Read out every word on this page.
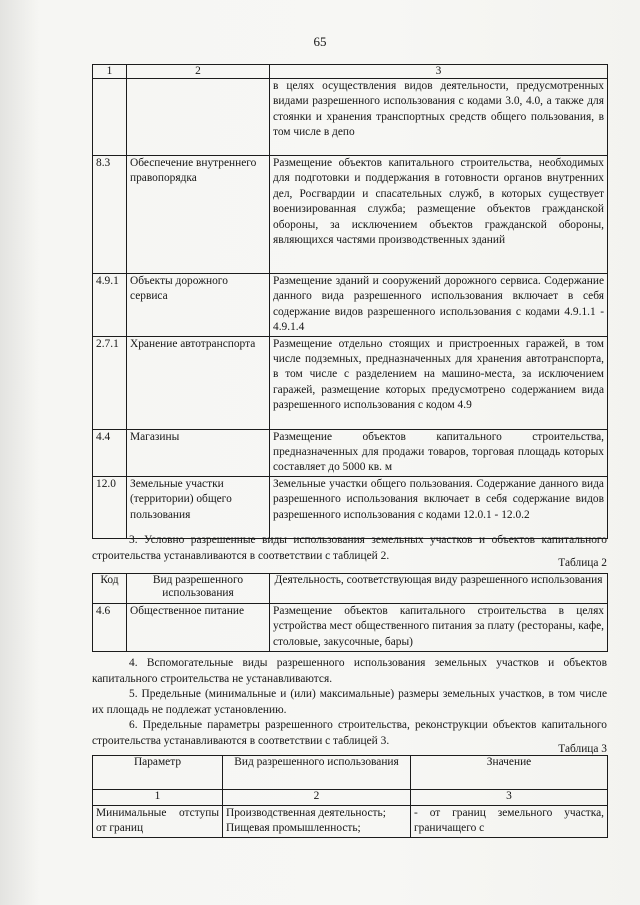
65
1	2	3
		в целях осуществления видов деятельности, предусмотренных видами разрешенного использования с кодами 3.0, 4.0, а также для стоянки и хранения транспортных средств общего пользования, в том числе в депо
8.3	Обеспечение внутреннего правопорядка	Размещение объектов капитального строительства, необходимых для подготовки и поддержания в готовности органов внутренних дел, Росгвардии и спасательных служб, в которых существует военизированная служба; размещение объектов гражданской обороны, за исключением объектов гражданской обороны, являющихся частями производственных зданий
4.9.1	Объекты дорожного сервиса	Размещение зданий и сооружений дорожного сервиса. Содержание данного вида разрешенного использования включает в себя содержание видов разрешенного использования с кодами 4.9.1.1 - 4.9.1.4
2.7.1	Хранение автотранспорта	Размещение отдельно стоящих и пристроенных гаражей, в том числе подземных, предназначенных для хранения автотранспорта, в том числе с разделением на машино-места, за исключением гаражей, размещение которых предусмотрено содержанием вида разрешенного использования с кодом 4.9
4.4	Магазины	Размещение объектов капитального строительства, предназначенных для продажи товаров, торговая площадь которых составляет до 5000 кв. м
12.0	Земельные участки (территории) общего пользования	Земельные участки общего пользования. Содержание данного вида разрешенного использования включает в себя содержание видов разрешенного использования с кодами 12.0.1 - 12.0.2
3. Условно разрешенные виды использования земельных участков и объектов капитального строительства устанавливаются в соответствии с таблицей 2.
Таблица 2
Код	Вид разрешенного использования	Деятельность, соответствующая виду разрешенного использования
4.6	Общественное питание	Размещение объектов капитального строительства в целях устройства мест общественного питания за плату (рестораны, кафе, столовые, закусочные, бары)
4. Вспомогательные виды разрешенного использования земельных участков и объектов капитального строительства не устанавливаются.
5. Предельные (минимальные и (или) максимальные) размеры земельных участков, в том числе их площадь не подлежат установлению.
6. Предельные параметры разрешенного строительства, реконструкции объектов капитального строительства устанавливаются в соответствии с таблицей 3.
Таблица 3
Параметр	Вид разрешенного использования	Значение
1	2	3
Минимальные отступы от границ	Производственная деятельность; Пищевая промышленность;	- от границ земельного участка, граничащего с
